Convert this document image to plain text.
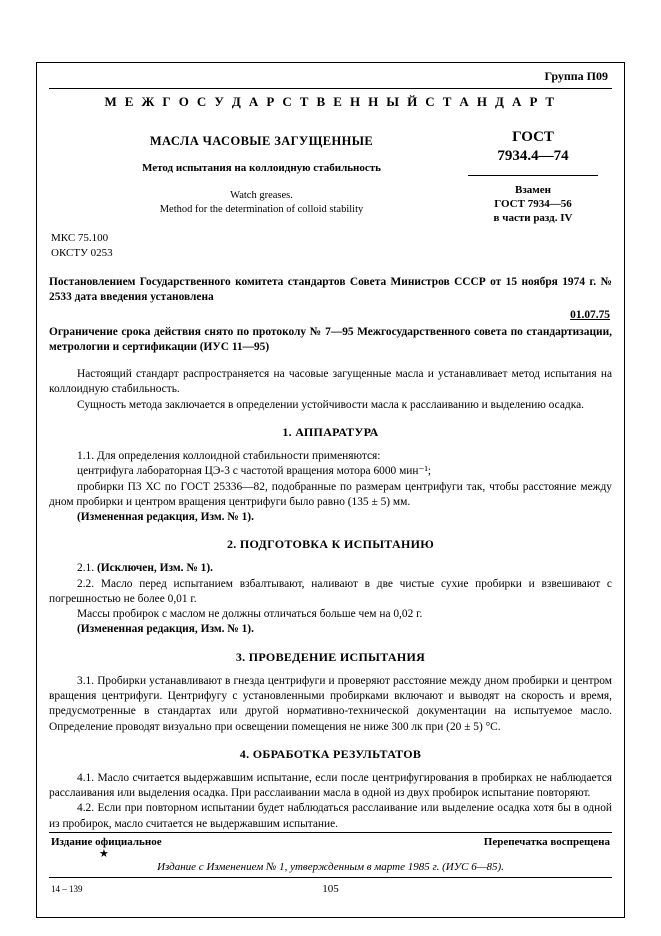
Группа П09
М Е Ж Г О С У Д А Р С Т В Е Н Н Ы Й С Т А Н Д А Р Т
МАСЛА ЧАСОВЫЕ ЗАГУЩЕННЫЕ
Метод испытания на коллоидную стабильность
Watch greases.
Method for the determination of colloid stability
ГОСТ
7934.4—74
Взамен
ГОСТ 7934—56
в части разд. IV
МКС 75.100
ОКСТУ 0253

Постановлением Государственного комитета стандартов Совета Министров СССР от 15 ноября 1974 г. № 2533 дата введения установлена

01.07.75

Ограничение срока действия снято по протоколу № 7—95 Межгосударственного совета по стандартизации, метрологии и сертификации (ИУС 11—95)

Настоящий стандарт распространяется на часовые загущенные масла и устанавливает метод испытания на коллоидную стабильность.

Сущность метода заключается в определении устойчивости масла к расслаиванию и выделению осадка.

1. АППАРАТУРА

1.1. Для определения коллоидной стабильности применяются:

центрифуга лабораторная ЦЭ-3 с частотой вращения мотора 6000 мин⁻¹;

пробирки П3 ХС по ГОСТ 25336—82, подобранные по размерам центрифуги так, чтобы расстояние между дном пробирки и центром вращения центрифуги было равно (135 ± 5) мм.

(Измененная редакция, Изм. № 1).

2. ПОДГОТОВКА К ИСПЫТАНИЮ

2.1. (Исключен, Изм. № 1).

2.2. Масло перед испытанием взбалтывают, наливают в две чистые сухие пробирки и взвешивают с погрешностью не более 0,01 г.

Массы пробирок с маслом не должны отличаться больше чем на 0,02 г.

(Измененная редакция, Изм. № 1).

3. ПРОВЕДЕНИЕ ИСПЫТАНИЯ

3.1. Пробирки устанавливают в гнезда центрифуги и проверяют расстояние между дном пробирки и центром вращения центрифуги. Центрифугу с установленными пробирками включают и выводят на скорость и время, предусмотренные в стандартах или другой нормативно-технической документации на испытуемое масло. Определение проводят визуально при освещении помещения не ниже 300 лк при (20 ± 5) °С.

4. ОБРАБОТКА РЕЗУЛЬТАТОВ

4.1. Масло считается выдержавшим испытание, если после центрифугирования в пробирках не наблюдается расслаивания или выделения осадка. При расслаивании масла в одной из двух пробирок испытание повторяют.

4.2. Если при повторном испытании будет наблюдаться расслаивание или выделение осадка хотя бы в одной из пробирок, масло считается не выдержавшим испытание.

Издание официальное	Перепечатка воспрещена
★
Издание с Изменением № 1, утвержденным в марте 1985 г. (ИУС 6—85).
14 – 139	105
